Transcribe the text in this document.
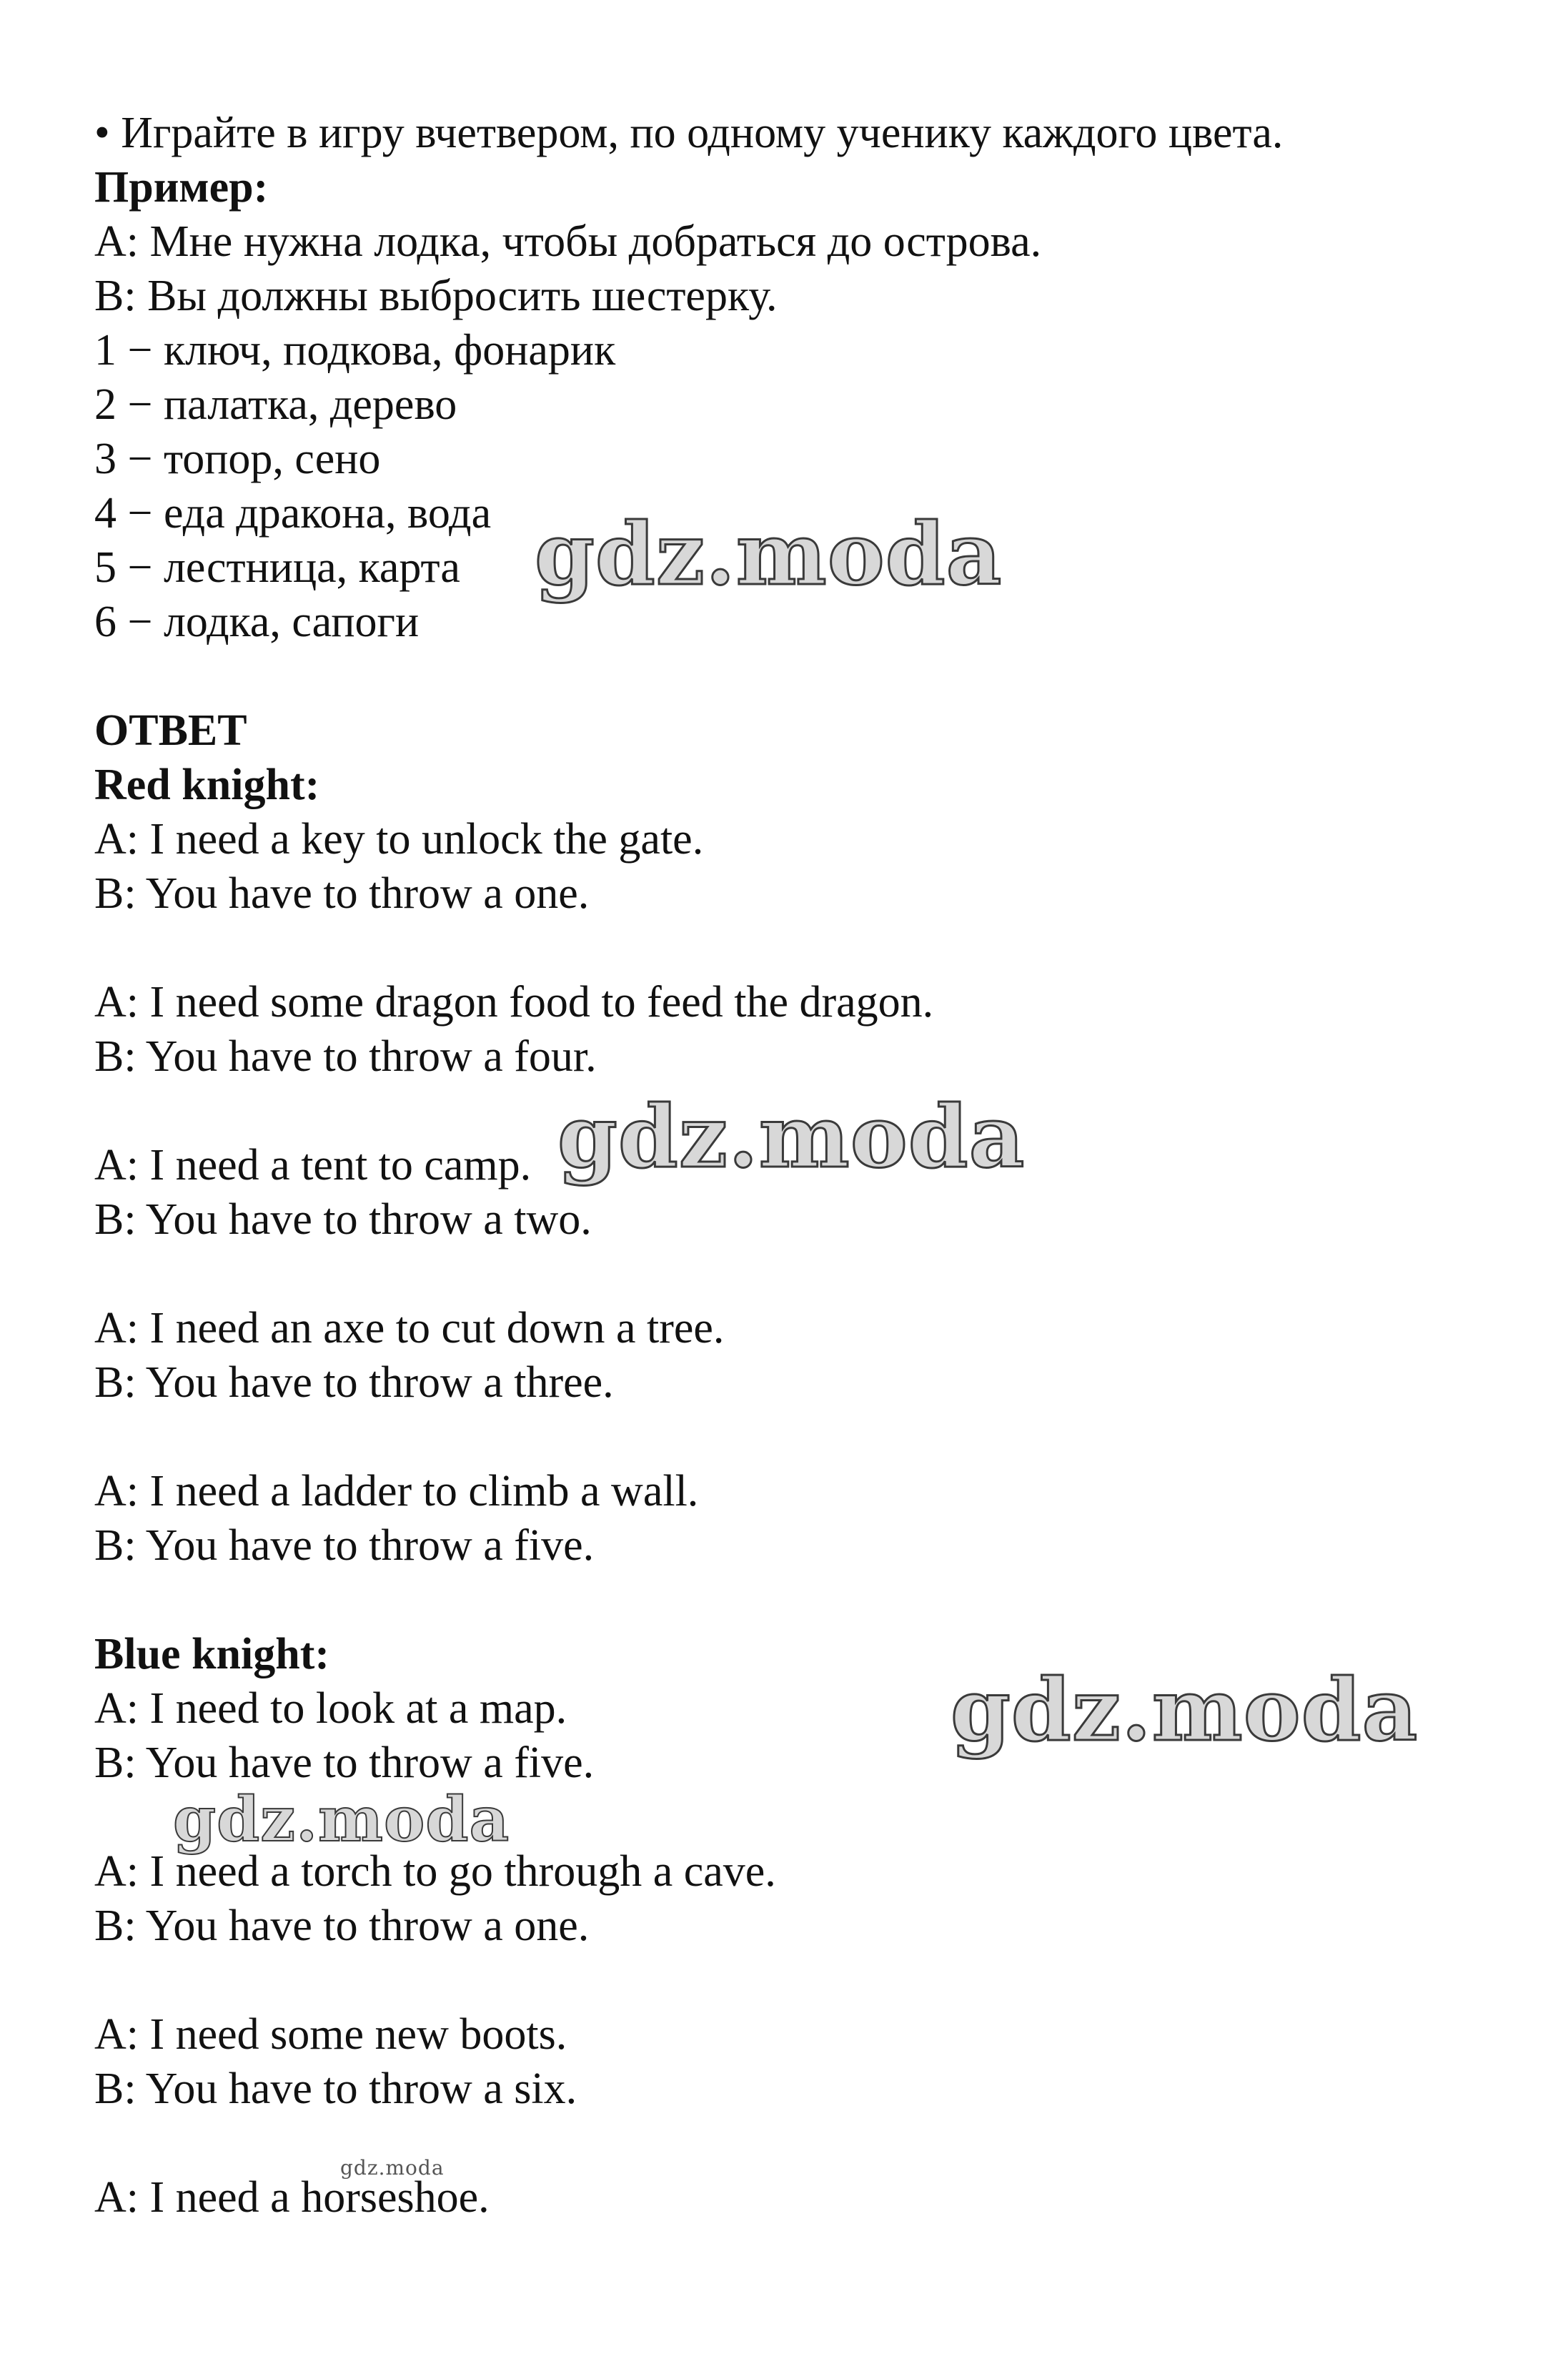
• Играйте в игру вчетвером, по одному ученику каждого цвета.

Пример:

A: Мне нужна лодка, чтобы добраться до острова.

B: Вы должны выбросить шестерку.

1 − ключ, подкова, фонарик

2 − палатка, дерево

3 − топор, сено

4 − еда дракона, вода

5 − лестница, карта

6 − лодка, сапоги

ОТВЕТ

Red knight:

A: I need a key to unlock the gate.

B: You have to throw a one.

A: I need some dragon food to feed the dragon.

B: You have to throw a four.

A: I need a tent to camp.

B: You have to throw a two.

A: I need an axe to cut down a tree.

B: You have to throw a three.

A: I need a ladder to climb a wall.

B: You have to throw a five.

Blue knight:

A: I need to look at a map.

B: You have to throw a five.

A: I need a torch to go through a cave.

B: You have to throw a one.

A: I need some new boots.

B: You have to throw a six.

A: I need a horseshoe.

gdz.moda
gdz.moda
gdz.moda
gdz.moda
gdz.moda
